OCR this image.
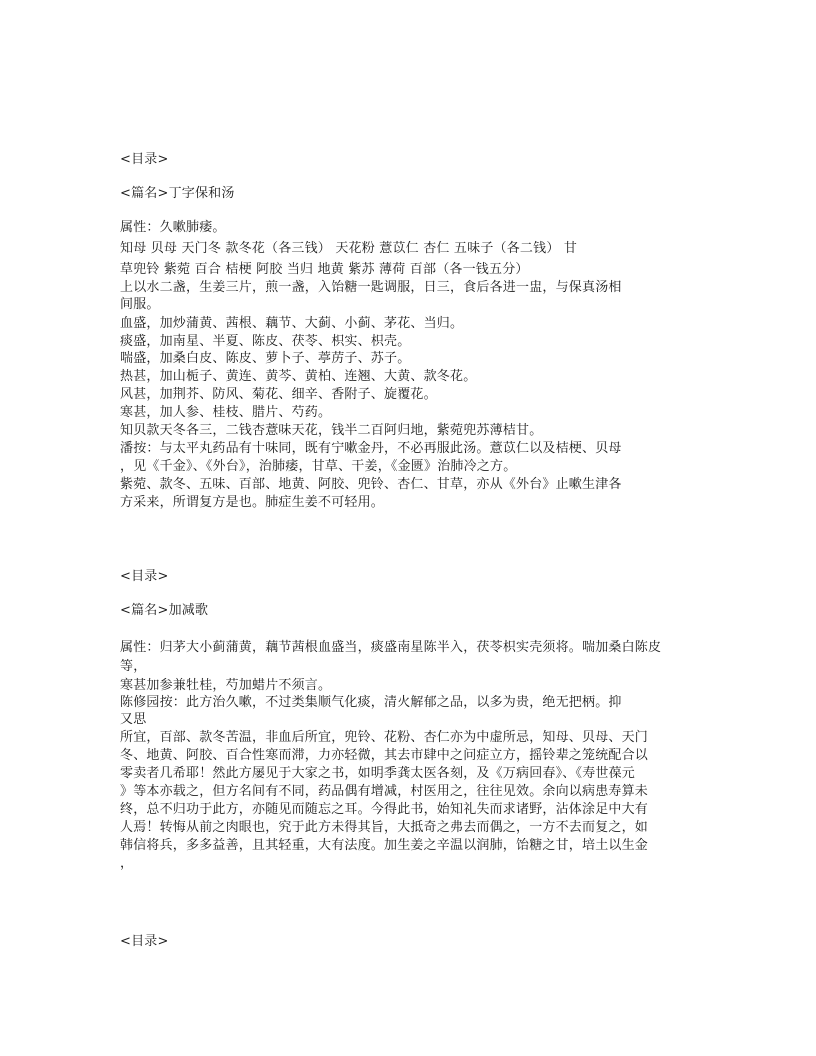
<目录>
<篇名>丁字保和汤
属性：久嗽肺痿。
知母 贝母 天门冬 款冬花（各三钱） 天花粉 薏苡仁 杏仁 五味子（各二钱） 甘
草兜铃 紫菀 百合 桔梗 阿胶 当归 地黄 紫苏 薄荷 百部（各一钱五分）
上以水二盏，生姜三片，煎一盏，入饴糖一匙调服，日三，食后各进一盅，与保真汤相
间服。
血盛，加炒蒲黄、茜根、藕节、大蓟、小蓟、茅花、当归。
痰盛，加南星、半夏、陈皮、茯苓、枳实、枳壳。
喘盛，加桑白皮、陈皮、萝卜子、葶苈子、苏子。
热甚，加山栀子、黄连、黄芩、黄柏、连翘、大黄、款冬花。
风甚，加荆芥、防风、菊花、细辛、香附子、旋覆花。
寒甚，加人参、桂枝、腊片、芍药。
知贝款天冬各三，二钱杏薏味天花，钱半二百阿归地，紫菀兜苏薄桔甘。
潘按：与太平丸药品有十味同，既有宁嗽金丹，不必再服此汤。薏苡仁以及桔梗、贝母
，见《千金》、《外台》，治肺痿，甘草、干姜，《金匮》治肺冷之方。
紫菀、款冬、五味、百部、地黄、阿胶、兜铃、杏仁、甘草，亦从《外台》止嗽生津各
方采来，所谓复方是也。肺症生姜不可轻用。
<目录>
<篇名>加减歌
属性：归茅大小蓟蒲黄，藕节茜根血盛当，痰盛南星陈半入，茯苓枳实壳须将。喘加桑白陈皮
等，
寒甚加参兼牡桂，芍加蜡片不须言。
陈修园按：此方治久嗽，不过类集顺气化痰，清火解郁之品，以多为贵，绝无把柄。抑
又思
所宜，百部、款冬苦温，非血后所宜，兜铃、花粉、杏仁亦为中虚所忌，知母、贝母、天门
冬、地黄、阿胶、百合性寒而滞，力亦轻微，其去市肆中之问症立方，摇铃辈之笼统配合以
零卖者几希耶！然此方屡见于大家之书，如明季龚太医各刻，及《万病回春》、《寿世葆元
》等本亦载之，但方名间有不同，药品偶有增减，村医用之，往往见效。余向以病患寿算未
终，总不归功于此方，亦随见而随忘之耳。今得此书，始知礼失而求诸野，沾体涂足中大有
人焉！转悔从前之肉眼也，究于此方未得其旨，大抵奇之弗去而偶之，一方不去而复之，如
韩信将兵，多多益善，且其轻重，大有法度。加生姜之辛温以润肺，饴糖之甘，培土以生金
，
<目录>
